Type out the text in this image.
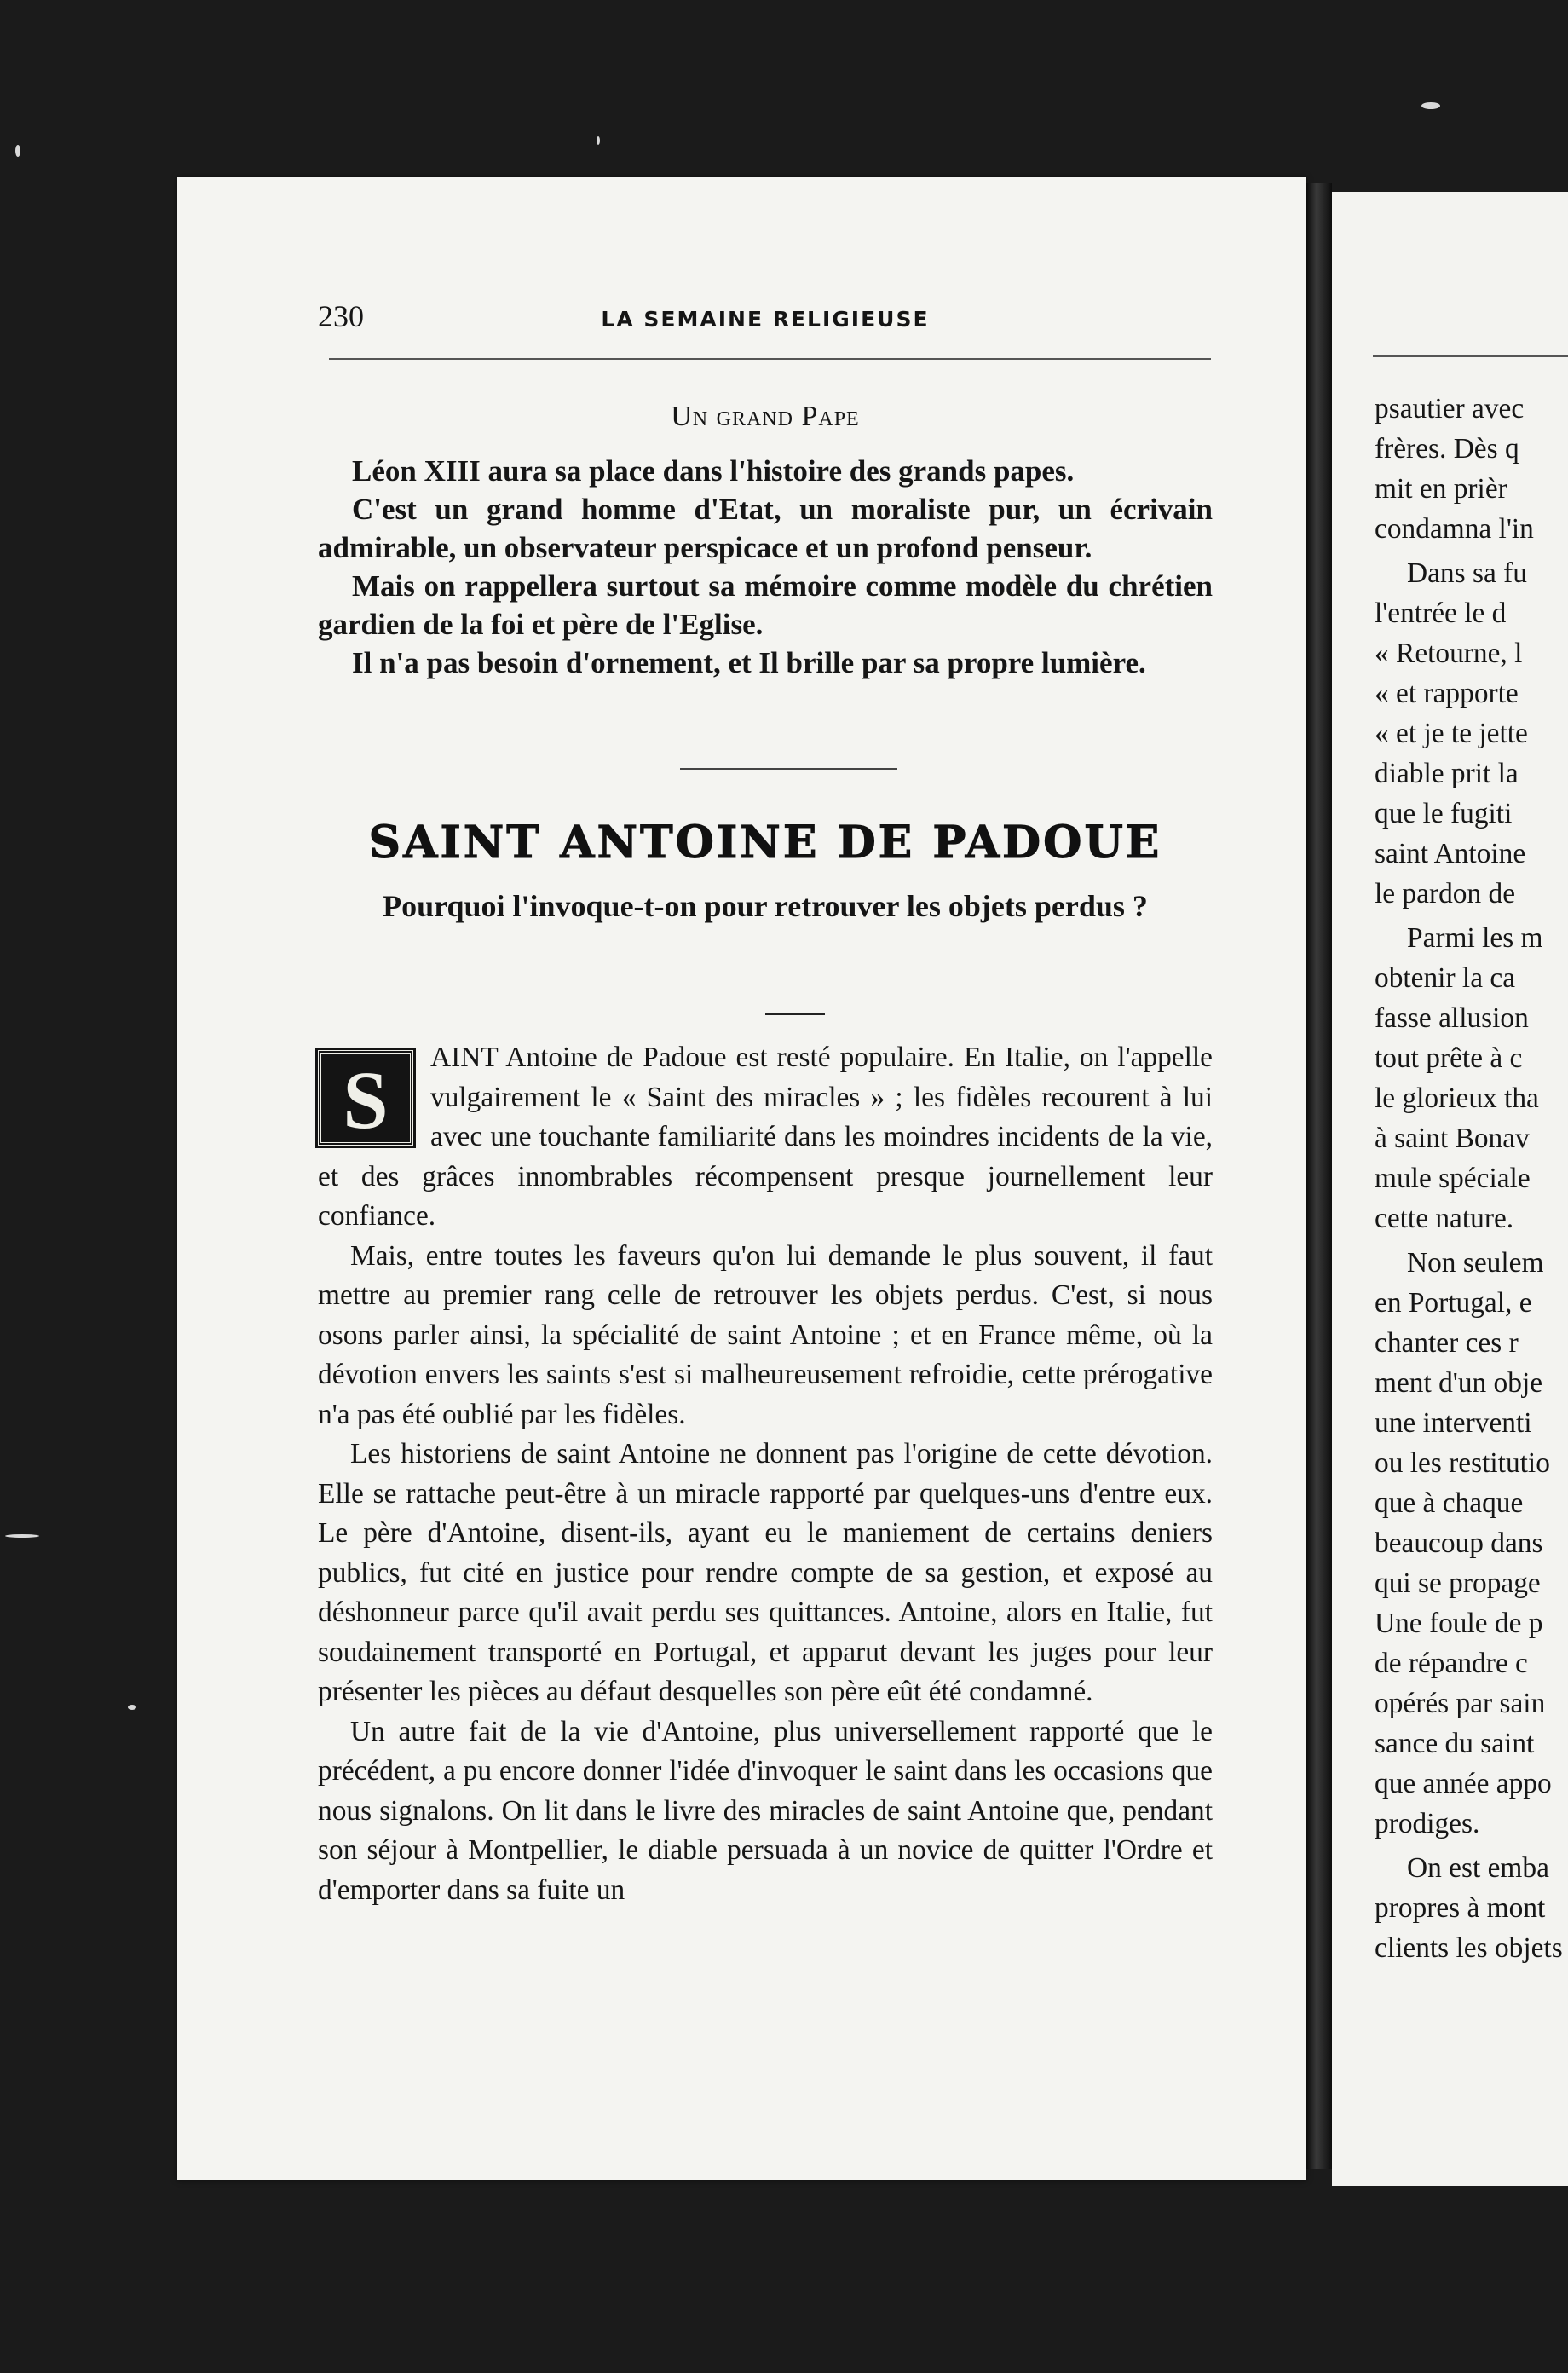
230	LA SEMAINE RELIGIEUSE
Un grand Pape

Léon XIII aura sa place dans l'histoire des grands papes.

C'est un grand homme d'Etat, un moraliste pur, un écrivain admirable, un observateur perspicace et un profond penseur.

Mais on rappellera surtout sa mémoire comme modèle du chrétien gardien de la foi et père de l'Eglise.

Il n'a pas besoin d'ornement, et Il brille par sa propre lumière.

SAINT ANTOINE DE PADOUE
Pourquoi l'invoque-t-on pour retrouver les objets perdus ?

S	AINT Antoine de Padoue est resté populaire. En Italie, on l'appelle vulgairement le « Saint des miracles » ; les fidèles recourent à lui avec une touchante familiarité dans les moindres incidents de la vie, et des grâces innombrables récompensent presque journellement leur confiance.

Mais, entre toutes les faveurs qu'on lui demande le plus souvent, il faut mettre au premier rang celle de retrouver les objets perdus. C'est, si nous osons parler ainsi, la spécialité de saint Antoine ; et en France même, où la dévotion envers les saints s'est si malheureusement refroidie, cette prérogative n'a pas été oublié par les fidèles.

Les historiens de saint Antoine ne donnent pas l'origine de cette dévotion. Elle se rattache peut-être à un miracle rapporté par quelques-uns d'entre eux. Le père d'Antoine, disent-ils, ayant eu le maniement de certains deniers publics, fut cité en justice pour rendre compte de sa gestion, et exposé au déshonneur parce qu'il avait perdu ses quittances. Antoine, alors en Italie, fut soudainement transporté en Portugal, et apparut devant les juges pour leur présenter les pièces au défaut desquelles son père eût été condamné.

Un autre fait de la vie d'Antoine, plus universellement rapporté que le précédent, a pu encore donner l'idée d'invoquer le saint dans les occasions que nous signalons. On lit dans le livre des miracles de saint Antoine que, pendant son séjour à Montpellier, le diable persuada à un novice de quitter l'Ordre et d'emporter dans sa fuite un

psautier avec
frères. Dès q
mit en prièr
condamna l'in
Dans sa fu
l'entrée le d
« Retourne, l
« et rapporte
« et je te jette
diable prit la
que le fugiti
saint Antoine
le pardon de
Parmi les m
obtenir la ca
fasse allusion
tout prête à c
le glorieux tha
à saint Bonav
mule spéciale
cette nature.
Non seulem
en Portugal, e
chanter ces r
ment d'un obje
une interventi
ou les restitutio
que à chaque
beaucoup dans
qui se propage
Une foule de p
de répandre c
opérés par sain
sance du saint
que année appo
prodiges.
On est emba
propres à mont
clients les objets
